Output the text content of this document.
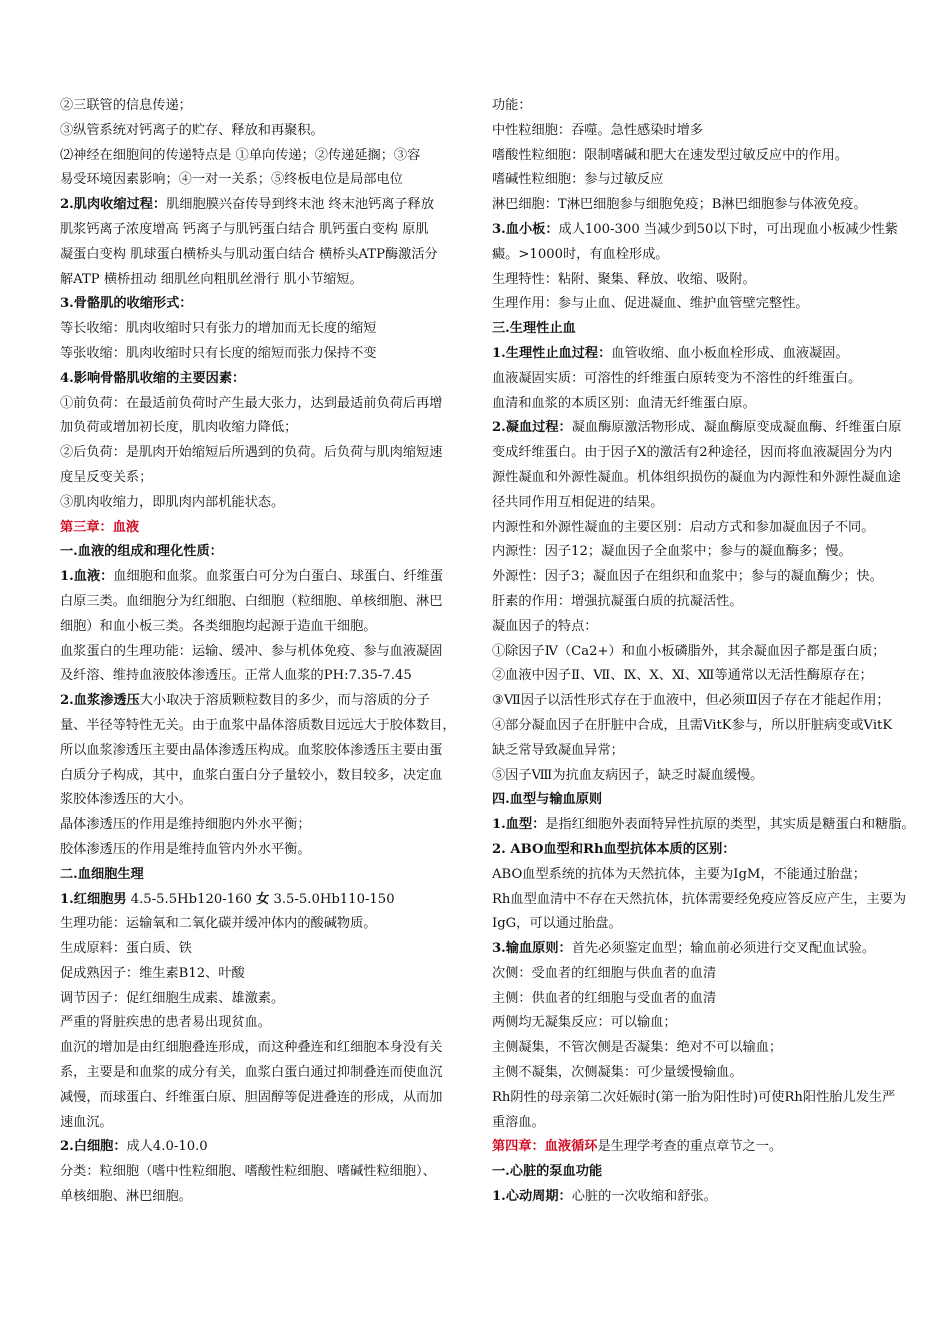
②三联管的信息传递；
③纵管系统对钙离子的贮存、释放和再聚积。
⑵神经在细胞间的传递特点是 ①单向传递；②传递延搁；③容
易受环境因素影响；④一对一关系；⑤终板电位是局部电位
2.肌肉收缩过程：肌细胞膜兴奋传导到终末池 终末池钙离子释放
肌浆钙离子浓度增高 钙离子与肌钙蛋白结合 肌钙蛋白变构 原肌
凝蛋白变构 肌球蛋白横桥头与肌动蛋白结合 横桥头ATP酶激活分
解ATP 横桥扭动 细肌丝向粗肌丝滑行 肌小节缩短。
3.骨骼肌的收缩形式：
等长收缩：肌肉收缩时只有张力的增加而无长度的缩短
等张收缩：肌肉收缩时只有长度的缩短而张力保持不变
4.影响骨骼肌收缩的主要因素：
①前负荷：在最适前负荷时产生最大张力，达到最适前负荷后再增
加负荷或增加初长度，肌肉收缩力降低；
②后负荷：是肌肉开始缩短后所遇到的负荷。后负荷与肌肉缩短速
度呈反变关系；
③肌肉收缩力，即肌肉内部机能状态。
第三章：血液
一.血液的组成和理化性质：
1.血液：血细胞和血浆。血浆蛋白可分为白蛋白、球蛋白、纤维蛋
白原三类。血细胞分为红细胞、白细胞（粒细胞、单核细胞、淋巴
细胞）和血小板三类。各类细胞均起源于造血干细胞。
血浆蛋白的生理功能：运输、缓冲、参与机体免疫、参与血液凝固
及纤溶、维持血液胶体渗透压。正常人血浆的PH:7.35-7.45
2.血浆渗透压大小取决于溶质颗粒数目的多少，而与溶质的分子
量、半径等特性无关。由于血浆中晶体溶质数目远远大于胶体数目，
所以血浆渗透压主要由晶体渗透压构成。血浆胶体渗透压主要由蛋
白质分子构成，其中，血浆白蛋白分子量较小，数目较多，决定血
浆胶体渗透压的大小。
晶体渗透压的作用是维持细胞内外水平衡；
胶体渗透压的作用是维持血管内外水平衡。
二.血细胞生理
1.红细胞男 4.5-5.5Hb120-160 女 3.5-5.0Hb110-150
生理功能：运输氧和二氧化碳并缓冲体内的酸碱物质。
生成原料：蛋白质、铁
促成熟因子：维生素B12、叶酸
调节因子：促红细胞生成素、雄激素。
严重的肾脏疾患的患者易出现贫血。
血沉的增加是由红细胞叠连形成，而这种叠连和红细胞本身没有关
系，主要是和血浆的成分有关，血浆白蛋白通过抑制叠连而使血沉
减慢，而球蛋白、纤维蛋白原、胆固醇等促进叠连的形成，从而加
速血沉。
2.白细胞：成人4.0-10.0
分类：粒细胞（嗜中性粒细胞、嗜酸性粒细胞、嗜碱性粒细胞）、
单核细胞、淋巴细胞。
功能：
中性粒细胞：吞噬。急性感染时增多
嗜酸性粒细胞：限制嗜碱和肥大在速发型过敏反应中的作用。
嗜碱性粒细胞：参与过敏反应
淋巴细胞：T淋巴细胞参与细胞免疫；B淋巴细胞参与体液免疫。
3.血小板：成人100-300 当减少到50以下时，可出现血小板减少性紫
癜。>1000时，有血栓形成。
生理特性：粘附、聚集、释放、收缩、吸附。
生理作用：参与止血、促进凝血、维护血管壁完整性。
三.生理性止血
1.生理性止血过程：血管收缩、血小板血栓形成、血液凝固。
血液凝固实质：可溶性的纤维蛋白原转变为不溶性的纤维蛋白。
血清和血浆的本质区别：血清无纤维蛋白原。
2.凝血过程：凝血酶原激活物形成、凝血酶原变成凝血酶、纤维蛋白原
变成纤维蛋白。由于因子X的激活有2种途径，因而将血液凝固分为内
源性凝血和外源性凝血。机体组织损伤的凝血为内源性和外源性凝血途
径共同作用互相促进的结果。
内源性和外源性凝血的主要区别：启动方式和参加凝血因子不同。
内源性：因子12；凝血因子全血浆中；参与的凝血酶多；慢。
外源性：因子3；凝血因子在组织和血浆中；参与的凝血酶少；快。
肝素的作用：增强抗凝蛋白质的抗凝活性。
凝血因子的特点：
①除因子Ⅳ（Ca2+）和血小板磷脂外，其余凝血因子都是蛋白质；
②血液中因子Ⅱ、Ⅶ、Ⅸ、Ⅹ、Ⅺ、Ⅻ等通常以无活性酶原存在；
③Ⅶ因子以活性形式存在于血液中，但必须Ⅲ因子存在才能起作用；
④部分凝血因子在肝脏中合成，且需VitK参与，所以肝脏病变或VitK
缺乏常导致凝血异常；
⑤因子Ⅷ为抗血友病因子，缺乏时凝血缓慢。
四.血型与输血原则
1.血型：是指红细胞外表面特异性抗原的类型，其实质是糖蛋白和糖脂。
2. ABO血型和Rh血型抗体本质的区别：
ABO血型系统的抗体为天然抗体，主要为IgM，不能通过胎盘；
Rh血型血清中不存在天然抗体，抗体需要经免疫应答反应产生，主要为
IgG，可以通过胎盘。
3.输血原则：首先必须鉴定血型；输血前必须进行交叉配血试验。
次侧：受血者的红细胞与供血者的血清
主侧：供血者的红细胞与受血者的血清
两侧均无凝集反应：可以输血；
主侧凝集，不管次侧是否凝集：绝对不可以输血；
主侧不凝集，次侧凝集：可少量缓慢输血。
Rh阴性的母亲第二次妊娠时(第一胎为阳性时)可使Rh阳性胎儿发生严
重溶血。
第四章：血液循环是生理学考查的重点章节之一。
一.心脏的泵血功能
1.心动周期：心脏的一次收缩和舒张。
